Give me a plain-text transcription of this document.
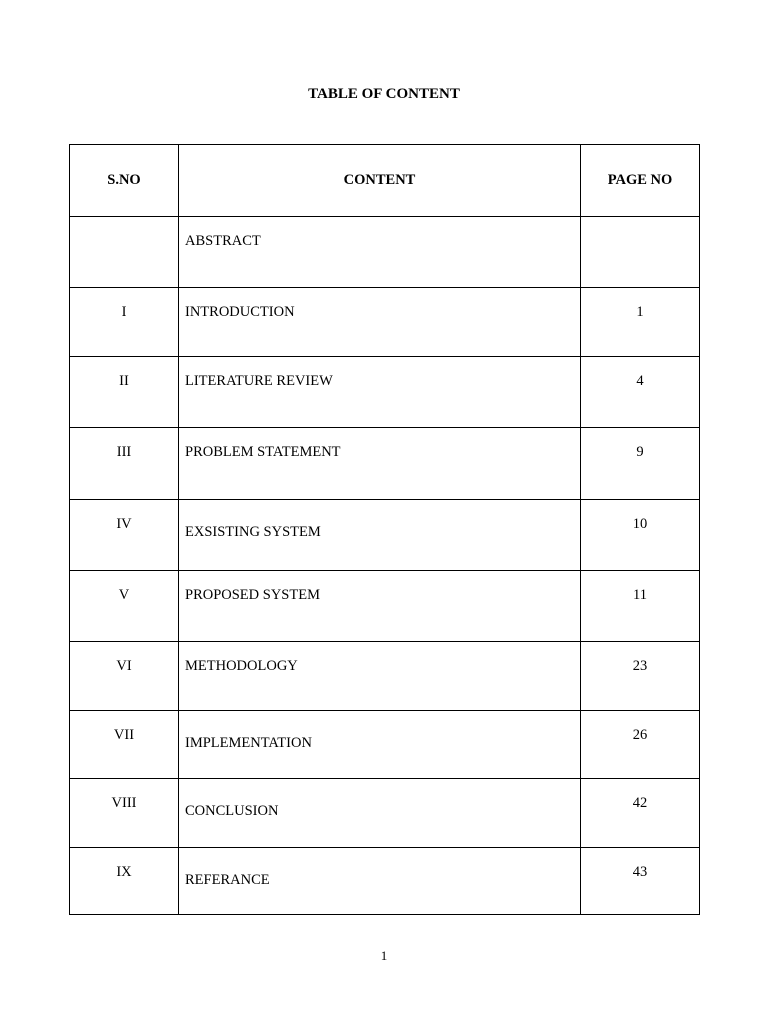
TABLE OF CONTENT
S.NO	CONTENT	PAGE NO

	ABSTRACT	

I	INTRODUCTION	1

II	LITERATURE REVIEW	4

III	PROBLEM STATEMENT	9

IV	EXSISTING SYSTEM	10

V	PROPOSED SYSTEM	11

VI	METHODOLOGY	23

VII	IMPLEMENTATION	26

VIII	CONCLUSION	42

IX	REFERANCE	43
1
